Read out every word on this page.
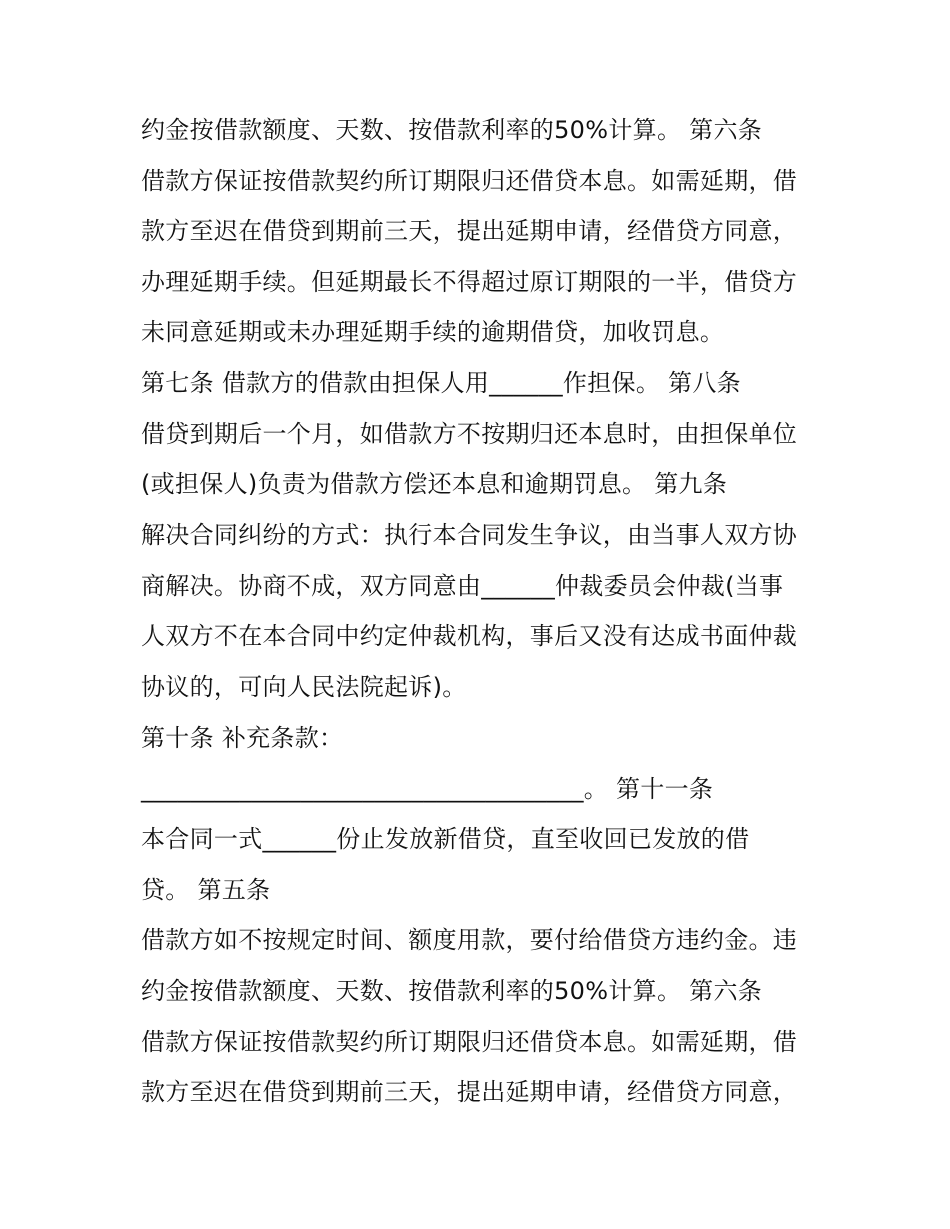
约金按借款额度、天数、按借款利率的50%计算。 第六条
借款方保证按借款契约所订期限归还借贷本息。如需延期，借
款方至迟在借贷到期前三天，提出延期申请，经借贷方同意，
办理延期手续。但延期最长不得超过原订期限的一半，借贷方
未同意延期或未办理延期手续的逾期借贷，加收罚息。
第七条 借款方的借款由担保人用______作担保。 第八条
借贷到期后一个月，如借款方不按期归还本息时，由担保单位
(或担保人)负责为借款方偿还本息和逾期罚息。 第九条
解决合同纠纷的方式：执行本合同发生争议，由当事人双方协
商解决。协商不成，双方同意由______仲裁委员会仲裁(当事
人双方不在本合同中约定仲裁机构，事后又没有达成书面仲裁
协议的，可向人民法院起诉)。
第十条 补充条款：
____________________________________。 第十一条
本合同一式______份止发放新借贷，直至收回已发放的借
贷。 第五条
借款方如不按规定时间、额度用款，要付给借贷方违约金。违
约金按借款额度、天数、按借款利率的50%计算。 第六条
借款方保证按借款契约所订期限归还借贷本息。如需延期，借
款方至迟在借贷到期前三天，提出延期申请，经借贷方同意，
